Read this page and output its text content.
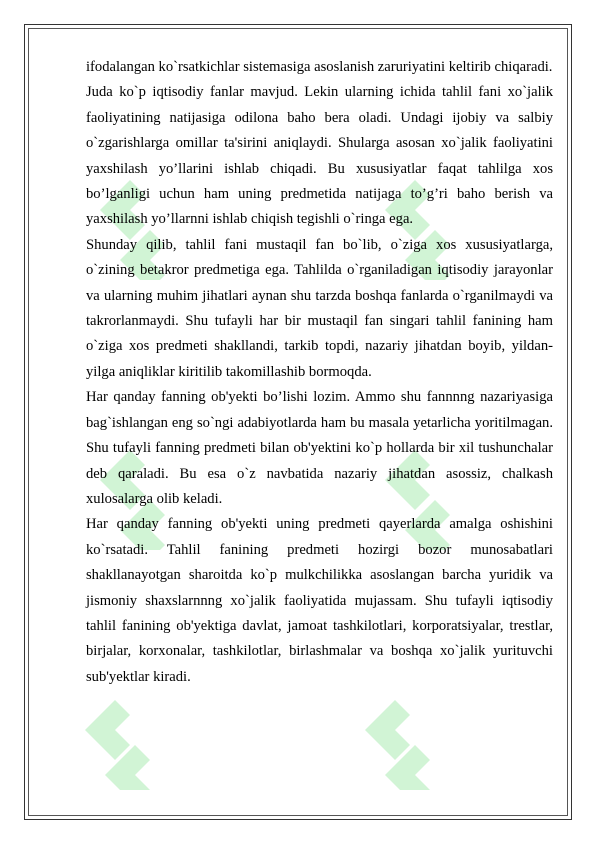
ifodalangan ko`rsatkichlar sistemasiga asoslanish zaruriyatini keltirib chiqaradi.

Juda ko`p iqtisodiy fanlar mavjud. Lekin ularning ichida tahlil fani xo`jalik faoliyatining natijasiga odilona baho bera oladi. Undagi ijobiy va salbiy o`zgarishlarga omillar ta'sirini aniqlaydi. Shularga asosan xo`jalik faoliyatini yaxshilash yo’llarini ishlab chiqadi. Bu xususiyatlar faqat tahlilga xos bo’lganligi uchun ham uning predmetida natijaga to’g’ri baho berish va yaxshilash yo’llarnni ishlab chiqish tegishli o`ringa ega.

Shunday qilib, tahlil fani mustaqil fan bo`lib, o`ziga xos xususiyatlarga, o`zining betakror predmetiga ega. Tahlilda o`rganiladigan iqtisodiy jarayonlar va ularning muhim jihatlari aynan shu tarzda boshqa fanlarda o`rganilmaydi va takrorlanmaydi. Shu tufayli har bir mustaqil fan singari tahlil fanining ham o`ziga xos predmeti shakllandi, tarkib topdi, nazariy jihatdan boyib, yildan-yilga aniqliklar kiritilib takomillashib bormoqda.

Har qanday fanning ob'yekti bo’lishi lozim. Ammo shu fannnng nazariyasiga bag`ishlangan eng so`ngi adabiyotlarda ham bu masala yetarlicha yoritilmagan. Shu tufayli fanning predmeti bilan ob'yektini ko`p hollarda bir xil tushunchalar deb qaraladi. Bu esa o`z navbatida nazariy jihatdan asossiz, chalkash xulosalarga olib keladi.

Har qanday fanning ob'yekti uning predmeti qayerlarda amalga oshishini ko`rsatadi. Tahlil fanining predmeti hozirgi bozor munosabatlari shakllanayotgan sharoitda ko`p mulkchilikka asoslangan barcha yuridik va jismoniy shaxslarnnng xo`jalik faoliyatida mujassam. Shu tufayli iqtisodiy tahlil fanining ob'yektiga davlat, jamoat tashkilotlari, korporatsiyalar, trestlar, birjalar, korxonalar, tashkilotlar, birlashmalar va boshqa xo`jalik yurituvchi sub'yektlar kiradi.
